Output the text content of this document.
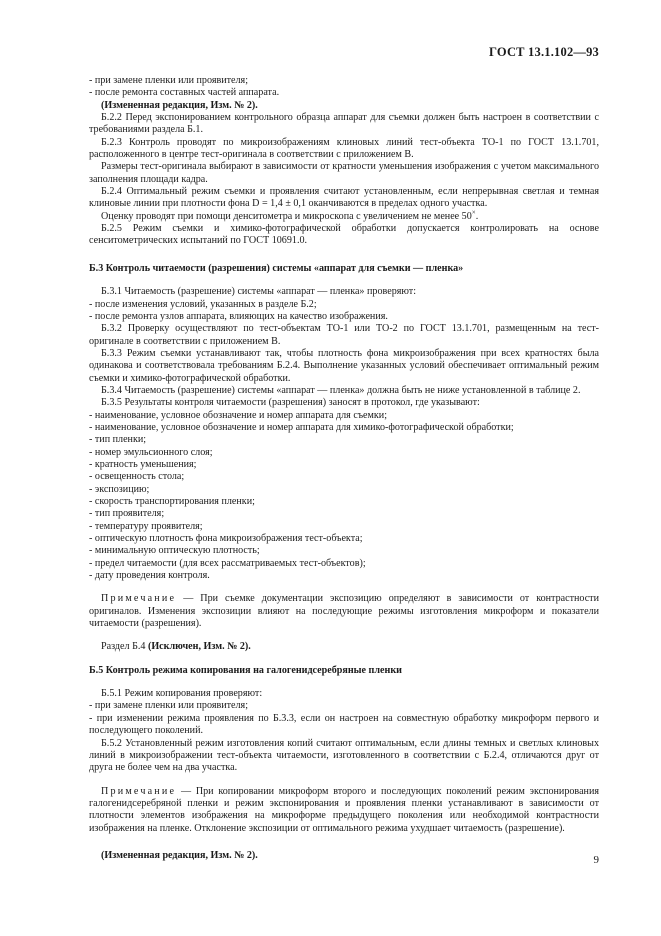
ГОСТ 13.1.102—93

- при замене пленки или проявителя;

- после ремонта составных частей аппарата.

(Измененная редакция, Изм. № 2).

Б.2.2 Перед экспонированием контрольного образца аппарат для съемки должен быть настроен в соответствии с требованиями раздела Б.1.

Б.2.3 Контроль проводят по микроизображениям клиновых линий тест-объекта ТО-1 по ГОСТ 13.1.701, расположенного в центре тест-оригинала в соответствии с приложением В.

Размеры тест-оригинала выбирают в зависимости от кратности уменьшения изображения с учетом максимального заполнения площади кадра.

Б.2.4 Оптимальный режим съемки и проявления считают установленным, если непрерывная светлая и темная клиновые линии при плотности фона D = 1,4 ± 0,1 оканчиваются в пределах одного участка.

Оценку проводят при помощи денситометра и микроскопа с увеличением не менее 50×.

Б.2.5 Режим съемки и химико-фотографической обработки допускается контролировать на основе сенситометрических испытаний по ГОСТ 10691.0.

Б.3 Контроль читаемости (разрешения) системы «аппарат для съемки — пленка»

Б.3.1 Читаемость (разрешение) системы «аппарат — пленка» проверяют:

- после изменения условий, указанных в разделе Б.2;

- после ремонта узлов аппарата, влияющих на качество изображения.

Б.3.2 Проверку осуществляют по тест-объектам ТО-1 или ТО-2 по ГОСТ 13.1.701, размещенным на тест-оригинале в соответствии с приложением В.

Б.3.3 Режим съемки устанавливают так, чтобы плотность фона микроизображения при всех кратностях была одинакова и соответствовала требованиям Б.2.4. Выполнение указанных условий обеспечивает оптимальный режим съемки и химико-фотографической обработки.

Б.3.4 Читаемость (разрешение) системы «аппарат — пленка» должна быть не ниже установленной в таблице 2.

Б.3.5 Результаты контроля читаемости (разрешения) заносят в протокол, где указывают:

- наименование, условное обозначение и номер аппарата для съемки;

- наименование, условное обозначение и номер аппарата для химико-фотографической обработки;

- тип пленки;

- номер эмульсионного слоя;

- кратность уменьшения;

- освещенность стола;

- экспозицию;

- скорость транспортирования пленки;

- тип проявителя;

- температуру проявителя;

- оптическую плотность фона микроизображения тест-объекта;

- минимальную оптическую плотность;

- предел читаемости (для всех рассматриваемых тест-объектов);

- дату проведения контроля.

Примечание — При съемке документации экспозицию определяют в зависимости от контрастности оригиналов. Изменения экспозиции влияют на последующие режимы изготовления микроформ и показатели читаемости (разрешения).

Раздел Б.4 (Исключен, Изм. № 2).

Б.5 Контроль режима копирования на галогенидсеребряные пленки

Б.5.1 Режим копирования проверяют:

- при замене пленки или проявителя;

- при изменении режима проявления по Б.3.3, если он настроен на совместную обработку микроформ первого и последующего поколений.

Б.5.2 Установленный режим изготовления копий считают оптимальным, если длины темных и светлых клиновых линий в микроизображении тест-объекта читаемости, изготовленного в соответствии с Б.2.4, отличаются друг от друга не более чем на два участка.

Примечание — При копировании микроформ второго и последующих поколений режим экспонирования галогенидсеребряной пленки и режим экспонирования и проявления пленки устанавливают в зависимости от плотности элементов изображения на микроформе предыдущего поколения или необходимой контрастности изображения на пленке. Отклонение экспозиции от оптимального режима ухудшает читаемость (разрешение).

(Измененная редакция, Изм. № 2).	9
